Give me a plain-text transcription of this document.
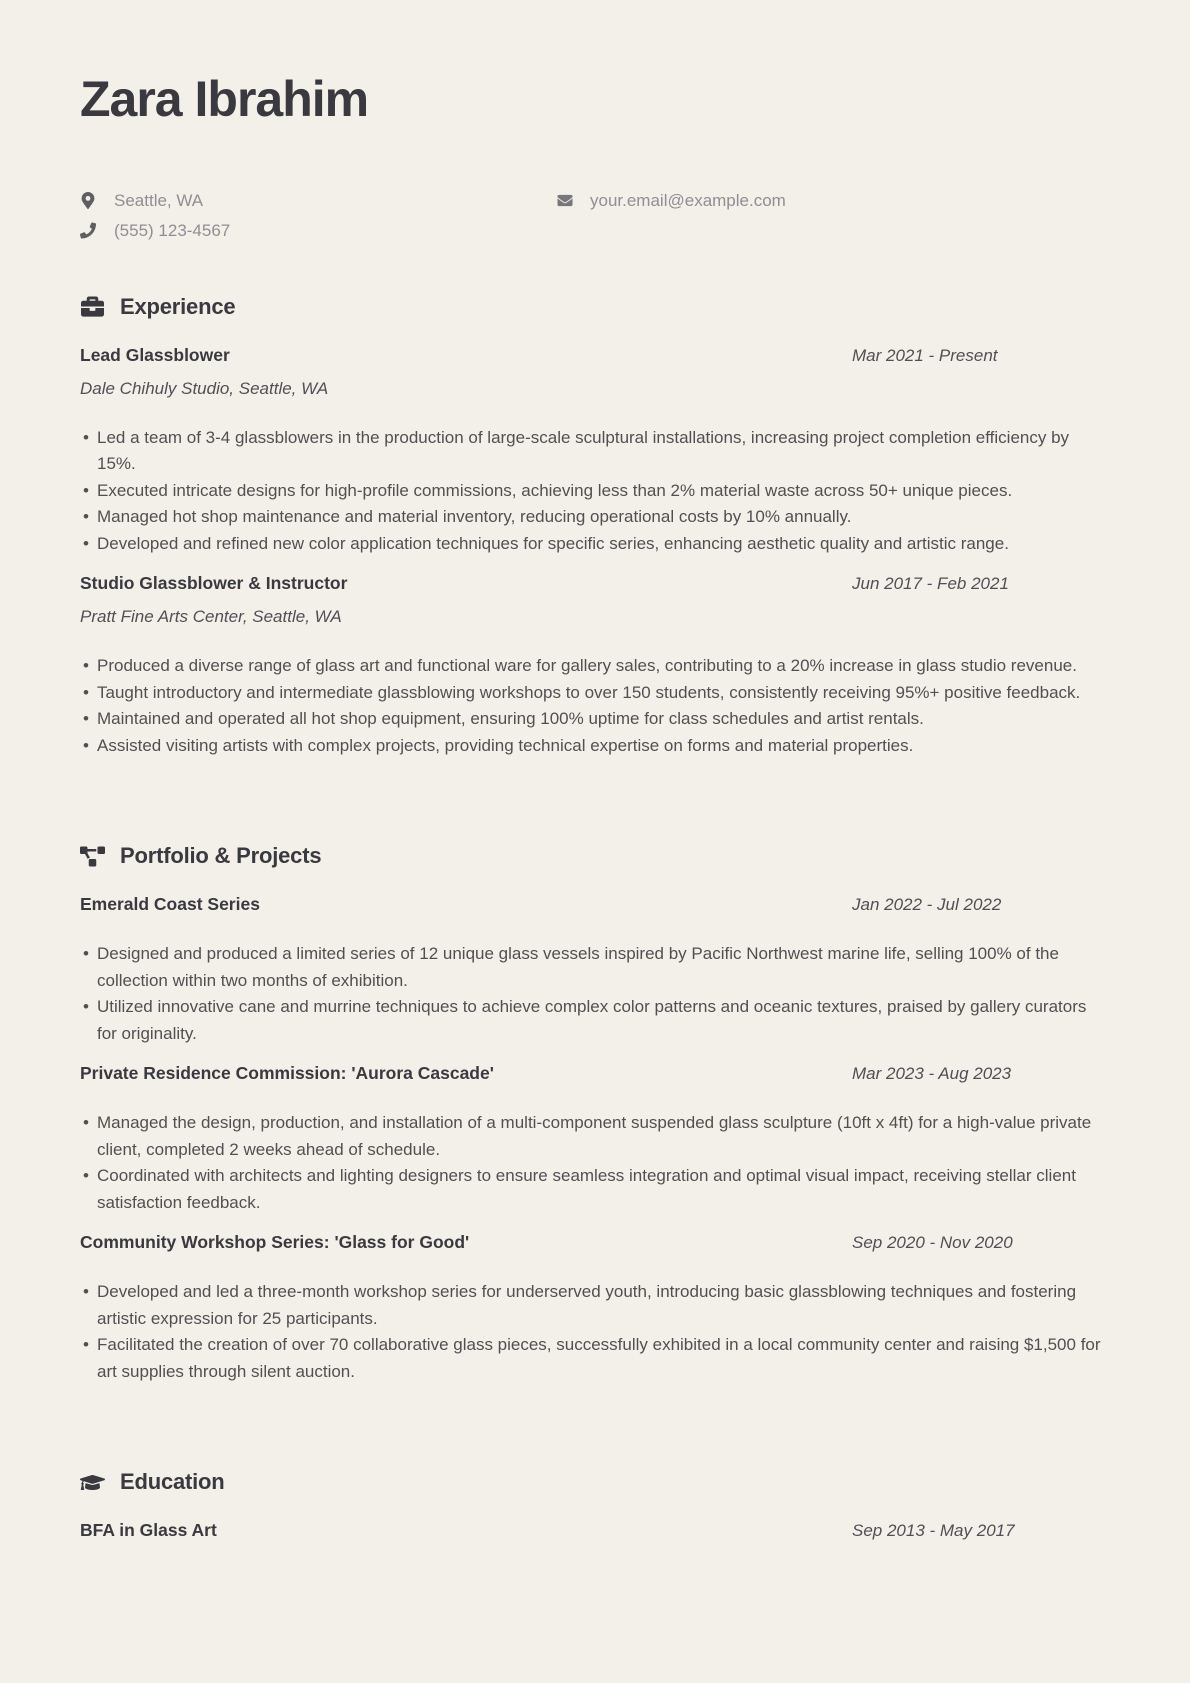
Zara Ibrahim
Seattle, WA
(555) 123-4567
your.email@example.com
Experience
Lead Glassblower	Mar 2021 - Present
Dale Chihuly Studio, Seattle, WA
• Led a team of 3-4 glassblowers in the production of large-scale sculptural installations, increasing project completion efficiency by 15%.
• Executed intricate designs for high-profile commissions, achieving less than 2% material waste across 50+ unique pieces.
• Managed hot shop maintenance and material inventory, reducing operational costs by 10% annually.
• Developed and refined new color application techniques for specific series, enhancing aesthetic quality and artistic range.
Studio Glassblower & Instructor	Jun 2017 - Feb 2021
Pratt Fine Arts Center, Seattle, WA
• Produced a diverse range of glass art and functional ware for gallery sales, contributing to a 20% increase in glass studio revenue.
• Taught introductory and intermediate glassblowing workshops to over 150 students, consistently receiving 95%+ positive feedback.
• Maintained and operated all hot shop equipment, ensuring 100% uptime for class schedules and artist rentals.
• Assisted visiting artists with complex projects, providing technical expertise on forms and material properties.
Portfolio & Projects
Emerald Coast Series	Jan 2022 - Jul 2022
• Designed and produced a limited series of 12 unique glass vessels inspired by Pacific Northwest marine life, selling 100% of the collection within two months of exhibition.
• Utilized innovative cane and murrine techniques to achieve complex color patterns and oceanic textures, praised by gallery curators for originality.
Private Residence Commission: 'Aurora Cascade'	Mar 2023 - Aug 2023
• Managed the design, production, and installation of a multi-component suspended glass sculpture (10ft x 4ft) for a high-value private client, completed 2 weeks ahead of schedule.
• Coordinated with architects and lighting designers to ensure seamless integration and optimal visual impact, receiving stellar client satisfaction feedback.
Community Workshop Series: 'Glass for Good'	Sep 2020 - Nov 2020
• Developed and led a three-month workshop series for underserved youth, introducing basic glassblowing techniques and fostering artistic expression for 25 participants.
• Facilitated the creation of over 70 collaborative glass pieces, successfully exhibited in a local community center and raising $1,500 for art supplies through silent auction.
Education
BFA in Glass Art	Sep 2013 - May 2017
